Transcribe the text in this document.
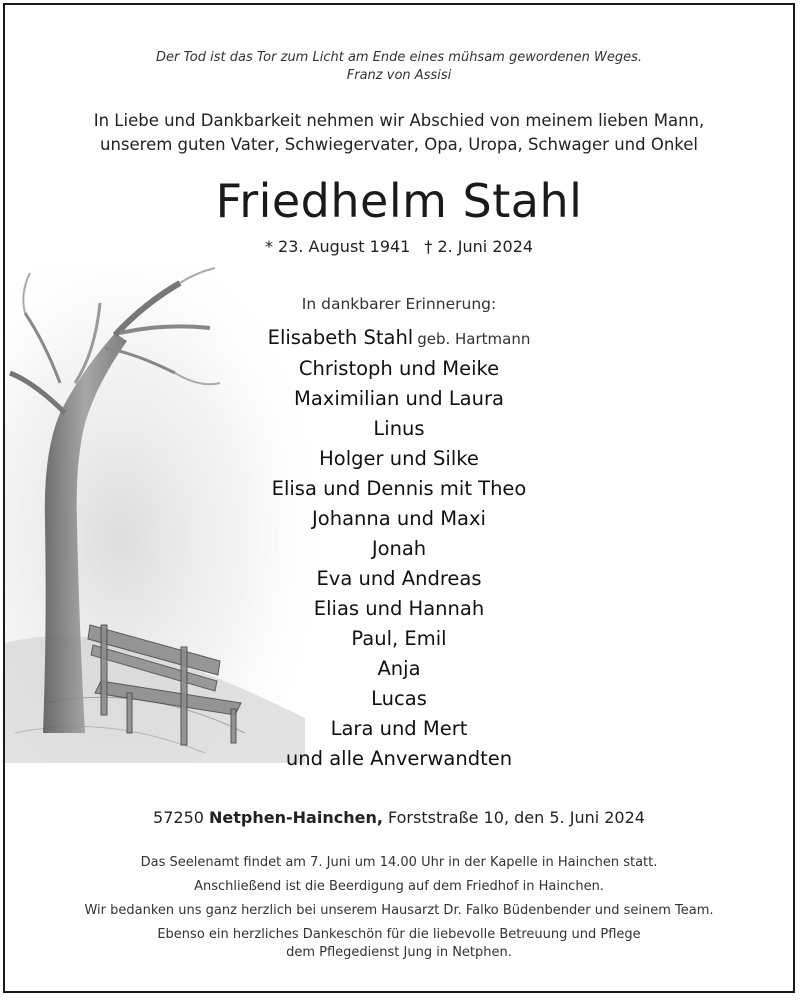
Der Tod ist das Tor zum Licht am Ende eines mühsam gewordenen Weges.
Franz von Assisi
In Liebe und Dankbarkeit nehmen wir Abschied von meinem lieben Mann,
unserem guten Vater, Schwiegervater, Opa, Uropa, Schwager und Onkel
Friedhelm Stahl
* 23. August 1941 † 2. Juni 2024
In dankbarer Erinnerung:
Elisabeth Stahl geb. Hartmann
Christoph und Meike
Maximilian und Laura
Linus
Holger und Silke
Elisa und Dennis mit Theo
Johanna und Maxi
Jonah
Eva und Andreas
Elias und Hannah
Paul, Emil
Anja
Lucas
Lara und Mert
und alle Anverwandten
57250 Netphen-Hainchen, Forststraße 10, den 5. Juni 2024
Das Seelenamt findet am 7. Juni um 14.00 Uhr in der Kapelle in Hainchen statt.
Anschließend ist die Beerdigung auf dem Friedhof in Hainchen.
Wir bedanken uns ganz herzlich bei unserem Hausarzt Dr. Falko Büdenbender und seinem Team.
Ebenso ein herzliches Dankeschön für die liebevolle Betreuung und Pflege
dem Pflegedienst Jung in Netphen.
